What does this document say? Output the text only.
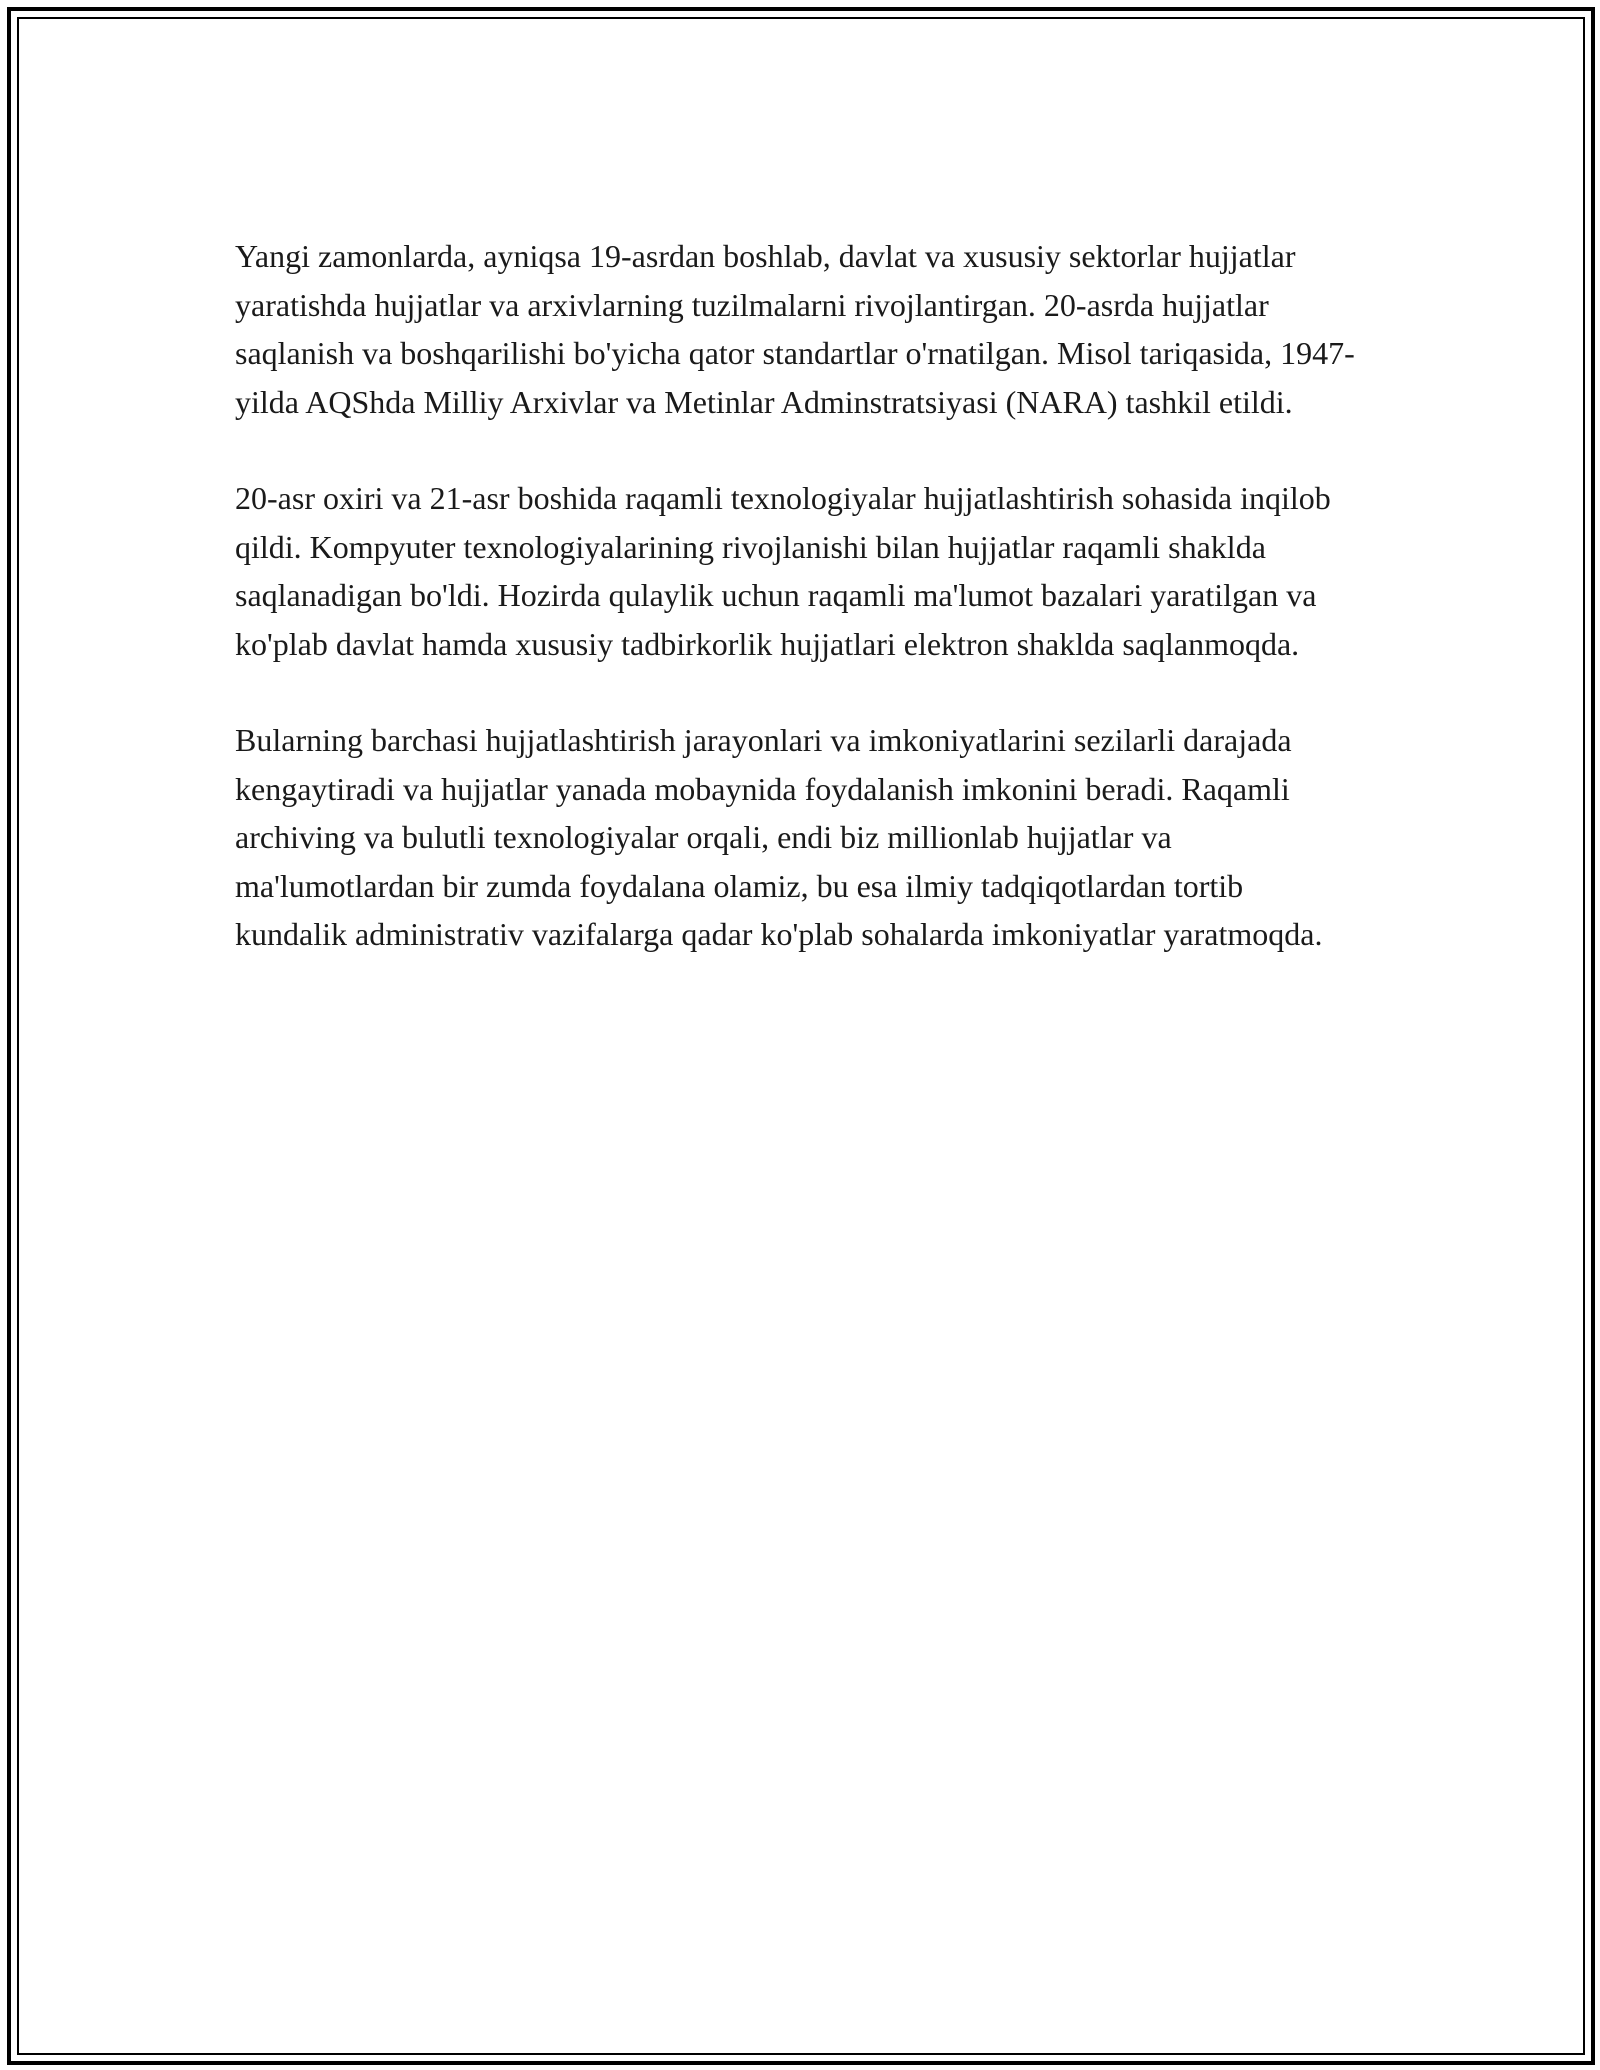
Yangi zamonlarda, ayniqsa 19-asrdan boshlab, davlat va xususiy sektorlar hujjatlar yaratishda hujjatlar va arxivlarning tuzilmalarni rivojlantirgan. 20-asrda hujjatlar saqlanish va boshqarilishi bo'yicha qator standartlar o'rnatilgan. Misol tariqasida, 1947-yilda AQShda Milliy Arxivlar va Metinlar Adminstratsiyasi (NARA) tashkil etildi.

20-asr oxiri va 21-asr boshida raqamli texnologiyalar hujjatlashtirish sohasida inqilob qildi. Kompyuter texnologiyalarining rivojlanishi bilan hujjatlar raqamli shaklda saqlanadigan bo'ldi. Hozirda qulaylik uchun raqamli ma'lumot bazalari yaratilgan va ko'plab davlat hamda xususiy tadbirkorlik hujjatlari elektron shaklda saqlanmoqda.

Bularning barchasi hujjatlashtirish jarayonlari va imkoniyatlarini sezilarli darajada kengaytiradi va hujjatlar yanada mobaynida foydalanish imkonini beradi. Raqamli archiving va bulutli texnologiyalar orqali, endi biz millionlab hujjatlar va ma'lumotlardan bir zumda foydalana olamiz, bu esa ilmiy tadqiqotlardan tortib kundalik administrativ vazifalarga qadar ko'plab sohalarda imkoniyatlar yaratmoqda.
